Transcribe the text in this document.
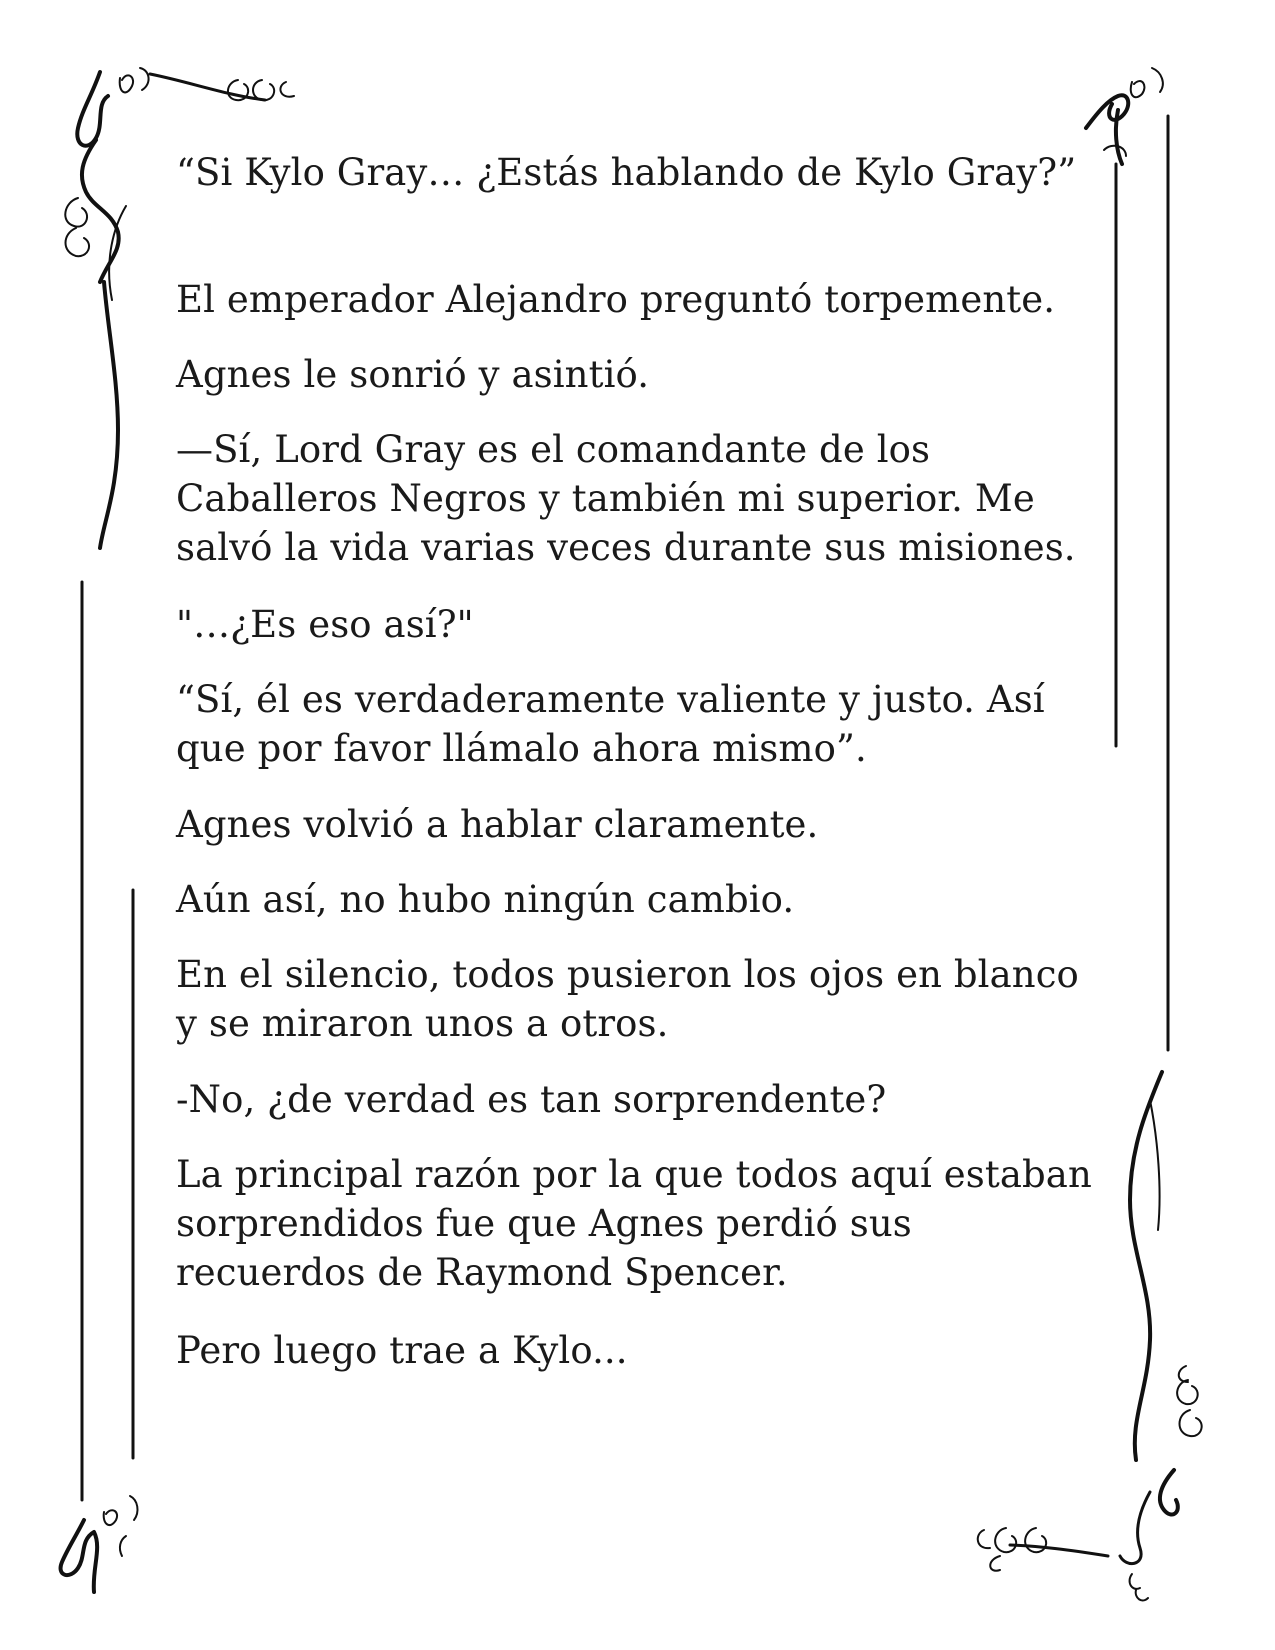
“Si Kylo Gray… ¿Estás hablando de Kylo Gray?”

El emperador Alejandro preguntó torpemente.

Agnes le sonrió y asintió.

—Sí, Lord Gray es el comandante de los Caballeros Negros y también mi superior. Me salvó la vida varias veces durante sus misiones.

"…¿Es eso así?"

“Sí, él es verdaderamente valiente y justo. Así que por favor llámalo ahora mismo”.

Agnes volvió a hablar claramente.

Aún así, no hubo ningún cambio.

En el silencio, todos pusieron los ojos en blanco y se miraron unos a otros.

-No, ¿de verdad es tan sorprendente?

La principal razón por la que todos aquí estaban sorprendidos fue que Agnes perdió sus recuerdos de Raymond Spencer.

Pero luego trae a Kylo...
